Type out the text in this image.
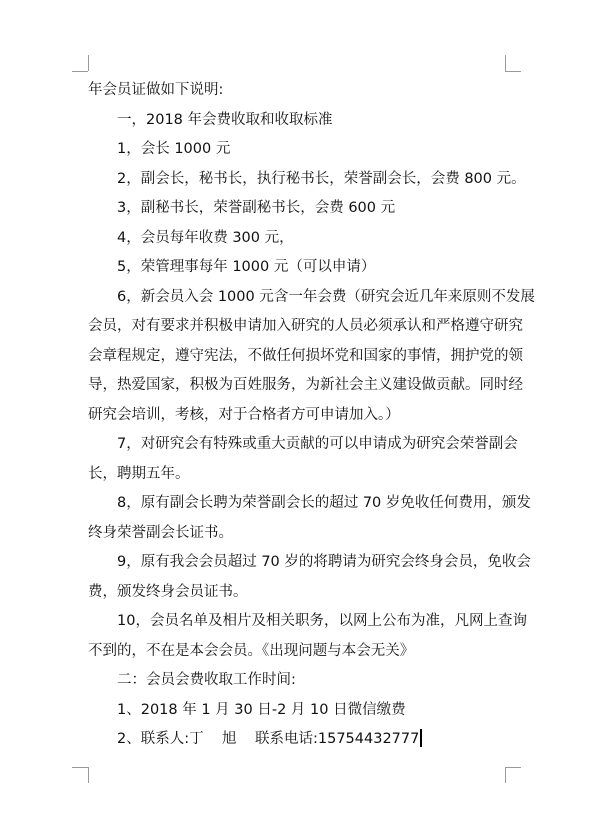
年会员证做如下说明:
一，2018 年会费收取和收取标准
1，会长 1000 元
2，副会长，秘书长，执行秘书长，荣誉副会长，会费 800 元。
3，副秘书长，荣誉副秘书长，会费 600 元
4，会员每年收费 300 元，
5，荣管理事每年 1000 元（可以申请）
6，新会员入会 1000 元含一年会费（研究会近几年来原则不发展
会员，对有要求并积极申请加入研究的人员必须承认和严格遵守研究
会章程规定，遵守宪法，不做任何损坏党和国家的事情，拥护党的领
导，热爱国家，积极为百姓服务，为新社会主义建设做贡献。同时经
研究会培训，考核，对于合格者方可申请加入。）
7，对研究会有特殊或重大贡献的可以申请成为研究会荣誉副会
长，聘期五年。
8，原有副会长聘为荣誉副会长的超过 70 岁免收任何费用，颁发
终身荣誉副会长证书。
9，原有我会会员超过 70 岁的将聘请为研究会终身会员，免收会
费，颁发终身会员证书。
10，会员名单及相片及相关职务，以网上公布为准，凡网上查询
不到的，不在是本会会员。《出现问题与本会无关》
二：会员会费收取工作时间:
1、2018 年 1 月 30 日-2 月 10 日微信缴费
2、联系人:丁    旭    联系电话:15754432777
